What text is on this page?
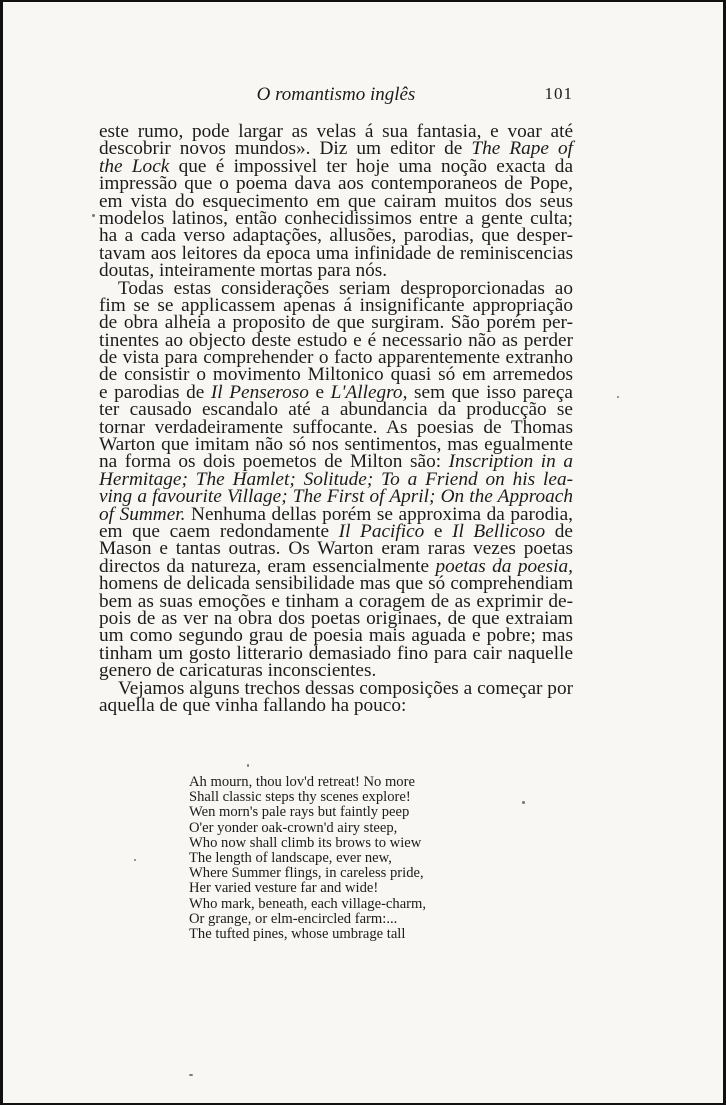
O romantismo inglês	101
este rumo, pode largar as velas á sua fantasia, e voar até
descobrir novos mundos». Diz um editor de The Rape of
the Lock que é impossivel ter hoje uma noção exacta da
impressão que o poema dava aos contemporaneos de Pope,
em vista do esquecimento em que cairam muitos dos seus
modelos latinos, então conhecidissimos entre a gente culta;
ha a cada verso adaptações, allusões, parodias, que desper-
tavam aos leitores da epoca uma infinidade de reminiscencias
doutas, inteiramente mortas para nós.
Todas estas considerações seriam desproporcionadas ao
fim se se applicassem apenas á insignificante appropriação
de obra alheia a proposito de que surgiram. São porém per-
tinentes ao objecto deste estudo e é necessario não as perder
de vista para comprehender o facto apparentemente extranho
de consistir o movimento Miltonico quasi só em arremedos
e parodias de Il Penseroso e L'Allegro, sem que isso pareça
ter causado escandalo até a abundancia da producção se
tornar verdadeiramente suffocante. As poesias de Thomas
Warton que imitam não só nos sentimentos, mas egualmente
na forma os dois poemetos de Milton são: Inscription in a
Hermitage; The Hamlet; Solitude; To a Friend on his lea-
ving a favourite Village; The First of April; On the Approach
of Summer. Nenhuma dellas porém se approxima da parodia,
em que caem redondamente Il Pacifico e Il Bellicoso de
Mason e tantas outras. Os Warton eram raras vezes poetas
directos da natureza, eram essencialmente poetas da poesia,
homens de delicada sensibilidade mas que só comprehendiam
bem as suas emoções e tinham a coragem de as exprimir de-
pois de as ver na obra dos poetas originaes, de que extraiam
um como segundo grau de poesia mais aguada e pobre; mas
tinham um gosto litterario demasiado fino para cair naquelle
genero de caricaturas inconscientes.
Vejamos alguns trechos dessas composições a começar por
aquella de que vinha fallando ha pouco:
Ah mourn, thou lov'd retreat! No more
Shall classic steps thy scenes explore!
Wen morn's pale rays but faintly peep
O'er yonder oak-crown'd airy steep,
Who now shall climb its brows to wiew
The length of landscape, ever new,
Where Summer flings, in careless pride,
Her varied vesture far and wide!
Who mark, beneath, each village-charm,
Or grange, or elm-encircled farm:...
The tufted pines, whose umbrage tall
